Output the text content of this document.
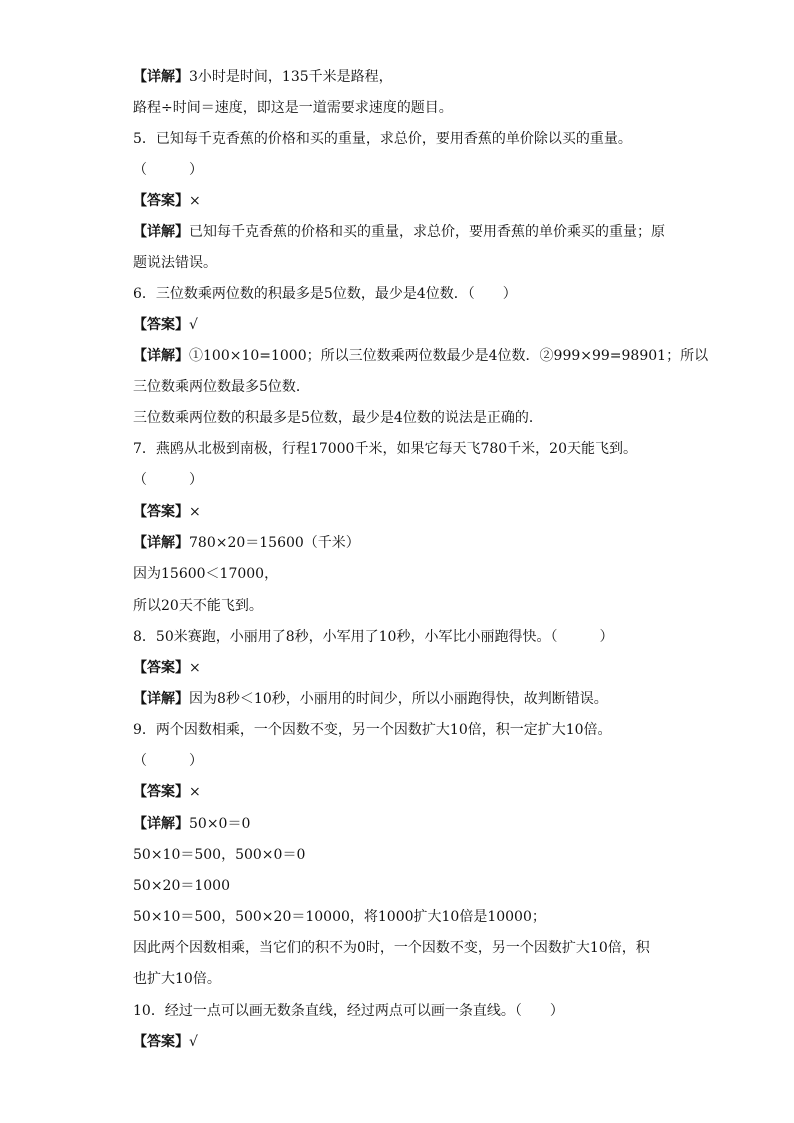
【详解】3小时是时间，135千米是路程，
路程÷时间＝速度，即这是一道需要求速度的题目。
5．已知每千克香蕉的价格和买的重量，求总价，要用香蕉的单价除以买的重量。
（　　　）
【答案】×
【详解】已知每千克香蕉的价格和买的重量，求总价，要用香蕉的单价乘买的重量；原
题说法错误。
6．三位数乘两位数的积最多是5位数，最少是4位数．（　　）
【答案】√
【详解】①100×10=1000；所以三位数乘两位数最少是4位数．②999×99=98901；所以
三位数乘两位数最多5位数．
三位数乘两位数的积最多是5位数，最少是4位数的说法是正确的．
7．燕鸥从北极到南极，行程17000千米，如果它每天飞780千米，20天能飞到。
（　　　）
【答案】×
【详解】780×20＝15600（千米）
因为15600＜17000，
所以20天不能飞到。
8．50米赛跑，小丽用了8秒，小军用了10秒，小军比小丽跑得快。（　　　）
【答案】×
【详解】因为8秒＜10秒，小丽用的时间少，所以小丽跑得快，故判断错误。
9．两个因数相乘，一个因数不变，另一个因数扩大10倍，积一定扩大10倍。
（　　　）
【答案】×
【详解】50×0＝0
50×10＝500，500×0＝0
50×20＝1000
50×10＝500，500×20＝10000，将1000扩大10倍是10000；
因此两个因数相乘，当它们的积不为0时，一个因数不变，另一个因数扩大10倍，积
也扩大10倍。
10．经过一点可以画无数条直线，经过两点可以画一条直线。（　　）
【答案】√
